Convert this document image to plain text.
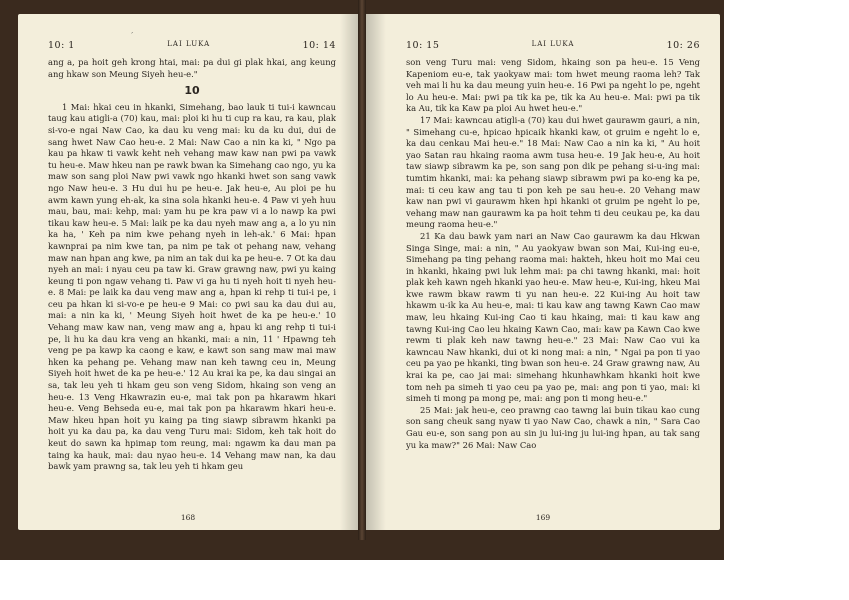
´
10: 1	LAI LUKA	10: 14

ang a, pa hoit geh krong htai, mai: pa dui gi plak hkai, ang keung ang hkaw son Meung Siyeh heu-e."

10

1 Mai: hkai ceu in hkanki, Simehang, bao lauk ti tui-i kawncau taug kau atigli-a (70) kau, mai: ploi ki hu ti cup ra kau, ra kau, plak si-vo-e ngai Naw Cao, ka dau ku veng mai: ku da ku dui, dui de sang hwet Naw Cao heu-e. 2 Mai: Naw Cao a nin ka ki, " Ngo pa kau pa hkaw ti vawk keht neh vehang maw kaw nan pwi pa vawk tu heu-e. Maw hkeu nan pe rawk bwan ka Simehang cao ngo, yu ka maw son sang ploi Naw pwi vawk ngo hkanki hwet son sang vawk ngo Naw heu-e. 3 Hu dui hu pe heu-e. Jak heu-e, Au ploi pe hu awm kawn yung eh-ak, ka sina sola hkanki heu-e. 4 Paw vi yeh huu mau, bau, mai: kehp, mai: yam hu pe kra paw vi a lo nawp ka pwi tikau kaw heu-e. 5 Mai: laik pe ka dau nyeh maw ang a, a lo yu nin ka ha, ' Keh pa nim kwe pehang nyeh in leh-ak.' 6 Mai: hpan kawnprai pa nim kwe tan, pa nim pe tak ot pehang naw, vehang maw nan hpan ang kwe, pa nim an tak dui ka pe heu-e. 7 Ot ka dau nyeh an mai: i nyau ceu pa taw ki. Graw grawng naw, pwi yu kaing keung ti pon ngaw vehang ti. Paw vi ga hu ti nyeh hoit ti nyeh heu-e. 8 Mai: pe laik ka dau veng maw ang a, hpan ki rehp ti tui-i pe, i ceu pa hkan ki si-vo-e pe heu-e 9 Mai: co pwi sau ka dau dui au, mai: a nin ka ki, ' Meung Siyeh hoit hwet de ka pe heu-e.' 10 Vehang maw kaw nan, veng maw ang a, hpau ki ang rehp ti tui-i pe, li hu ka dau kra veng an hkanki, mai: a nin, 11 ' Hpawng teh veng pe pa kawp ka caong e kaw, e kawt son sang maw mai maw hken ka pehang pe. Vehang maw nan keh tawng ceu in, Meung Siyeh hoit hwet de ka pe heu-e.' 12 Au krai ka pe, ka dau singai an sa, tak leu yeh ti hkam geu son veng Sidom, hkaing son veng an heu-e. 13 Veng Hkawrazin eu-e, mai tak pon pa hkarawm hkari heu-e. Veng Behseda eu-e, mai tak pon pa hkarawm hkari heu-e. Maw hkeu hpan hoit yu kaing pa ting siawp sibrawm hkanki pa hoit yu ka dau pa, ka dau veng Turu mai: Sidom, keh tak hoit do keut do sawn ka hpimap tom reung, mai: ngawm ka dau man pa taing ka hauk, mai: dau nyao heu-e. 14 Vehang maw nan, ka dau bawk yam prawng sa, tak leu yeh ti hkam geu

168
10: 15	LAI LUKA	10: 26

son veng Turu mai: veng Sidom, hkaing son pa heu-e. 15 Veng Kapeniom eu-e, tak yaokyaw mai: tom hwet meung raoma leh? Tak veh mai li hu ka dau meung yuin heu-e. 16 Pwi pa ngeht lo pe, ngeht lo Au heu-e. Mai: pwi pa tik ka pe, tik ka Au heu-e. Mai: pwi pa tik ka Au, tik ka Kaw pa ploi Au hwet heu-e."

17 Mai: kawncau atigli-a (70) kau dui hwet gaurawm gauri, a nin, " Simehang cu-e, hpicao hpicaik hkanki kaw, ot gruim e ngeht lo e, ka dau cenkau Mai heu-e." 18 Mai: Naw Cao a nin ka ki, " Au hoit yao Satan rau hkaing raoma awm tusa heu-e. 19 Jak heu-e, Au hoit taw siawp sibrawm ka pe, son sang pon dik pe pehang si-u-ing mai: tumtim hkanki, mai: ka pehang siawp sibrawm pwi pa ko-eng ka pe, mai: ti ceu kaw ang tau ti pon keh pe sau heu-e. 20 Vehang maw kaw nan pwi vi gaurawm hken hpi hkanki ot gruim pe ngeht lo pe, vehang maw nan gaurawm ka pa hoit tehm ti deu ceukau pe, ka dau meung raoma heu-e."

21 Ka dau bawk yam nari an Naw Cao gaurawm ka dau Hkwan Singa Singe, mai: a nin, " Au yaokyaw bwan son Mai, Kui-ing eu-e, Simehang pa ting pehang raoma mai: hakteh, hkeu hoit mo Mai ceu in hkanki, hkaing pwi luk lehm mai: pa chi tawng hkanki, mai: hoit plak keh kawn ngeh hkanki yao heu-e. Maw heu-e, Kui-ing, hkeu Mai kwe rawm bkaw rawm ti yu nan heu-e. 22 Kui-ing Au hoit taw hkawm u-ik ka Au heu-e, mai: ti kau kaw ang tawng Kawn Cao maw maw, leu hkaing Kui-ing Cao ti kau hkaing, mai: ti kau kaw ang tawng Kui-ing Cao leu hkaing Kawn Cao, mai: kaw pa Kawn Cao kwe rewm ti plak keh naw tawng heu-e." 23 Mai: Naw Cao vui ka kawncau Naw hkanki, dui ot ki nong mai: a nin, " Ngai pa pon ti yao ceu pa yao pe hkanki, ting bwan son heu-e. 24 Graw grawng naw, Au krai ka pe, cao jai mai: simehang hkunhawhkam hkanki hoit kwe tom neh pa simeh ti yao ceu pa yao pe, mai: ang pon ti yao, mai: ki simeh ti mong pa mong pe, mai: ang pon ti mong heu-e."

25 Mai: jak heu-e, ceo prawng cao tawng lai buin tikau kao cung son sang cheuk sang nyaw ti yao Naw Cao, chawk a nin, " Sara Cao Gau eu-e, son sang pon au sin ju lui-ing ju lui-ing hpan, au tak sang yu ka maw?" 26 Mai: Naw Cao

169
